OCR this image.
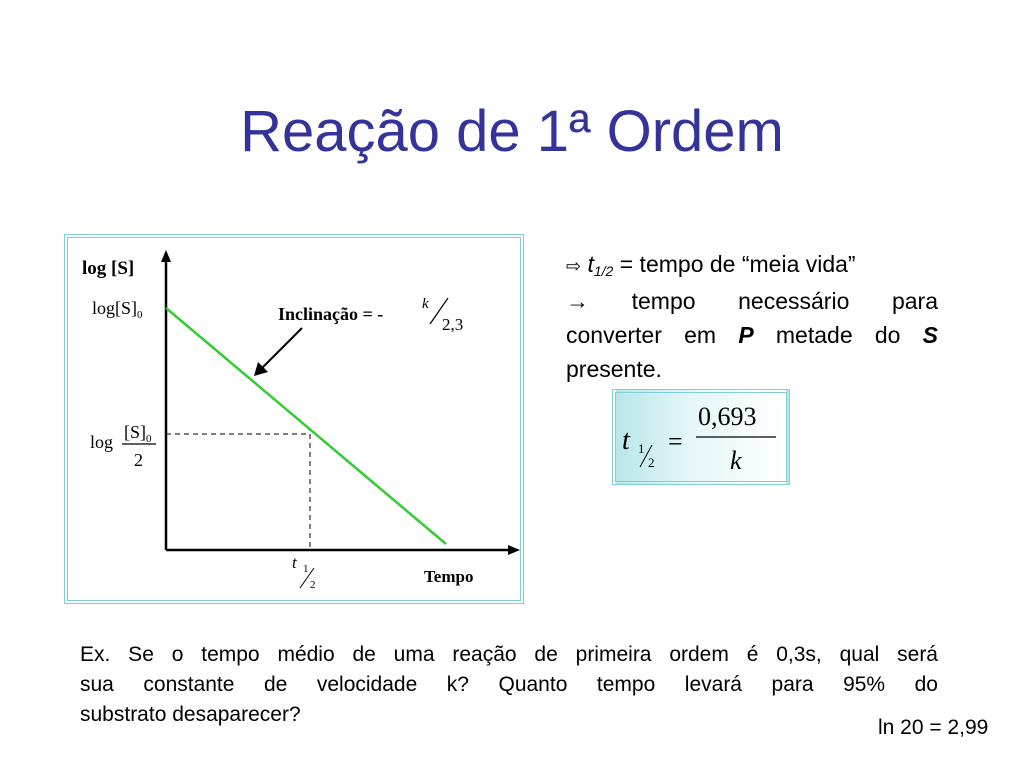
Reação de 1ª Ordem
log [S]
$\log[S]_0$
$\log [S]_0$
2
Inclinação = -	k
2,3
t 1
2	Tempo
⇨ t1/2 = tempo de “meia vida”
→ tempo necessário para
converter em P metade do S
presente.
t 1
2
=
0,693
k
Ex. Se o tempo médio de uma reação de primeira ordem é 0,3s, qual será
sua constante de velocidade k? Quanto tempo levará para 95% do
substrato desaparecer?
ln 20 = 2,99
